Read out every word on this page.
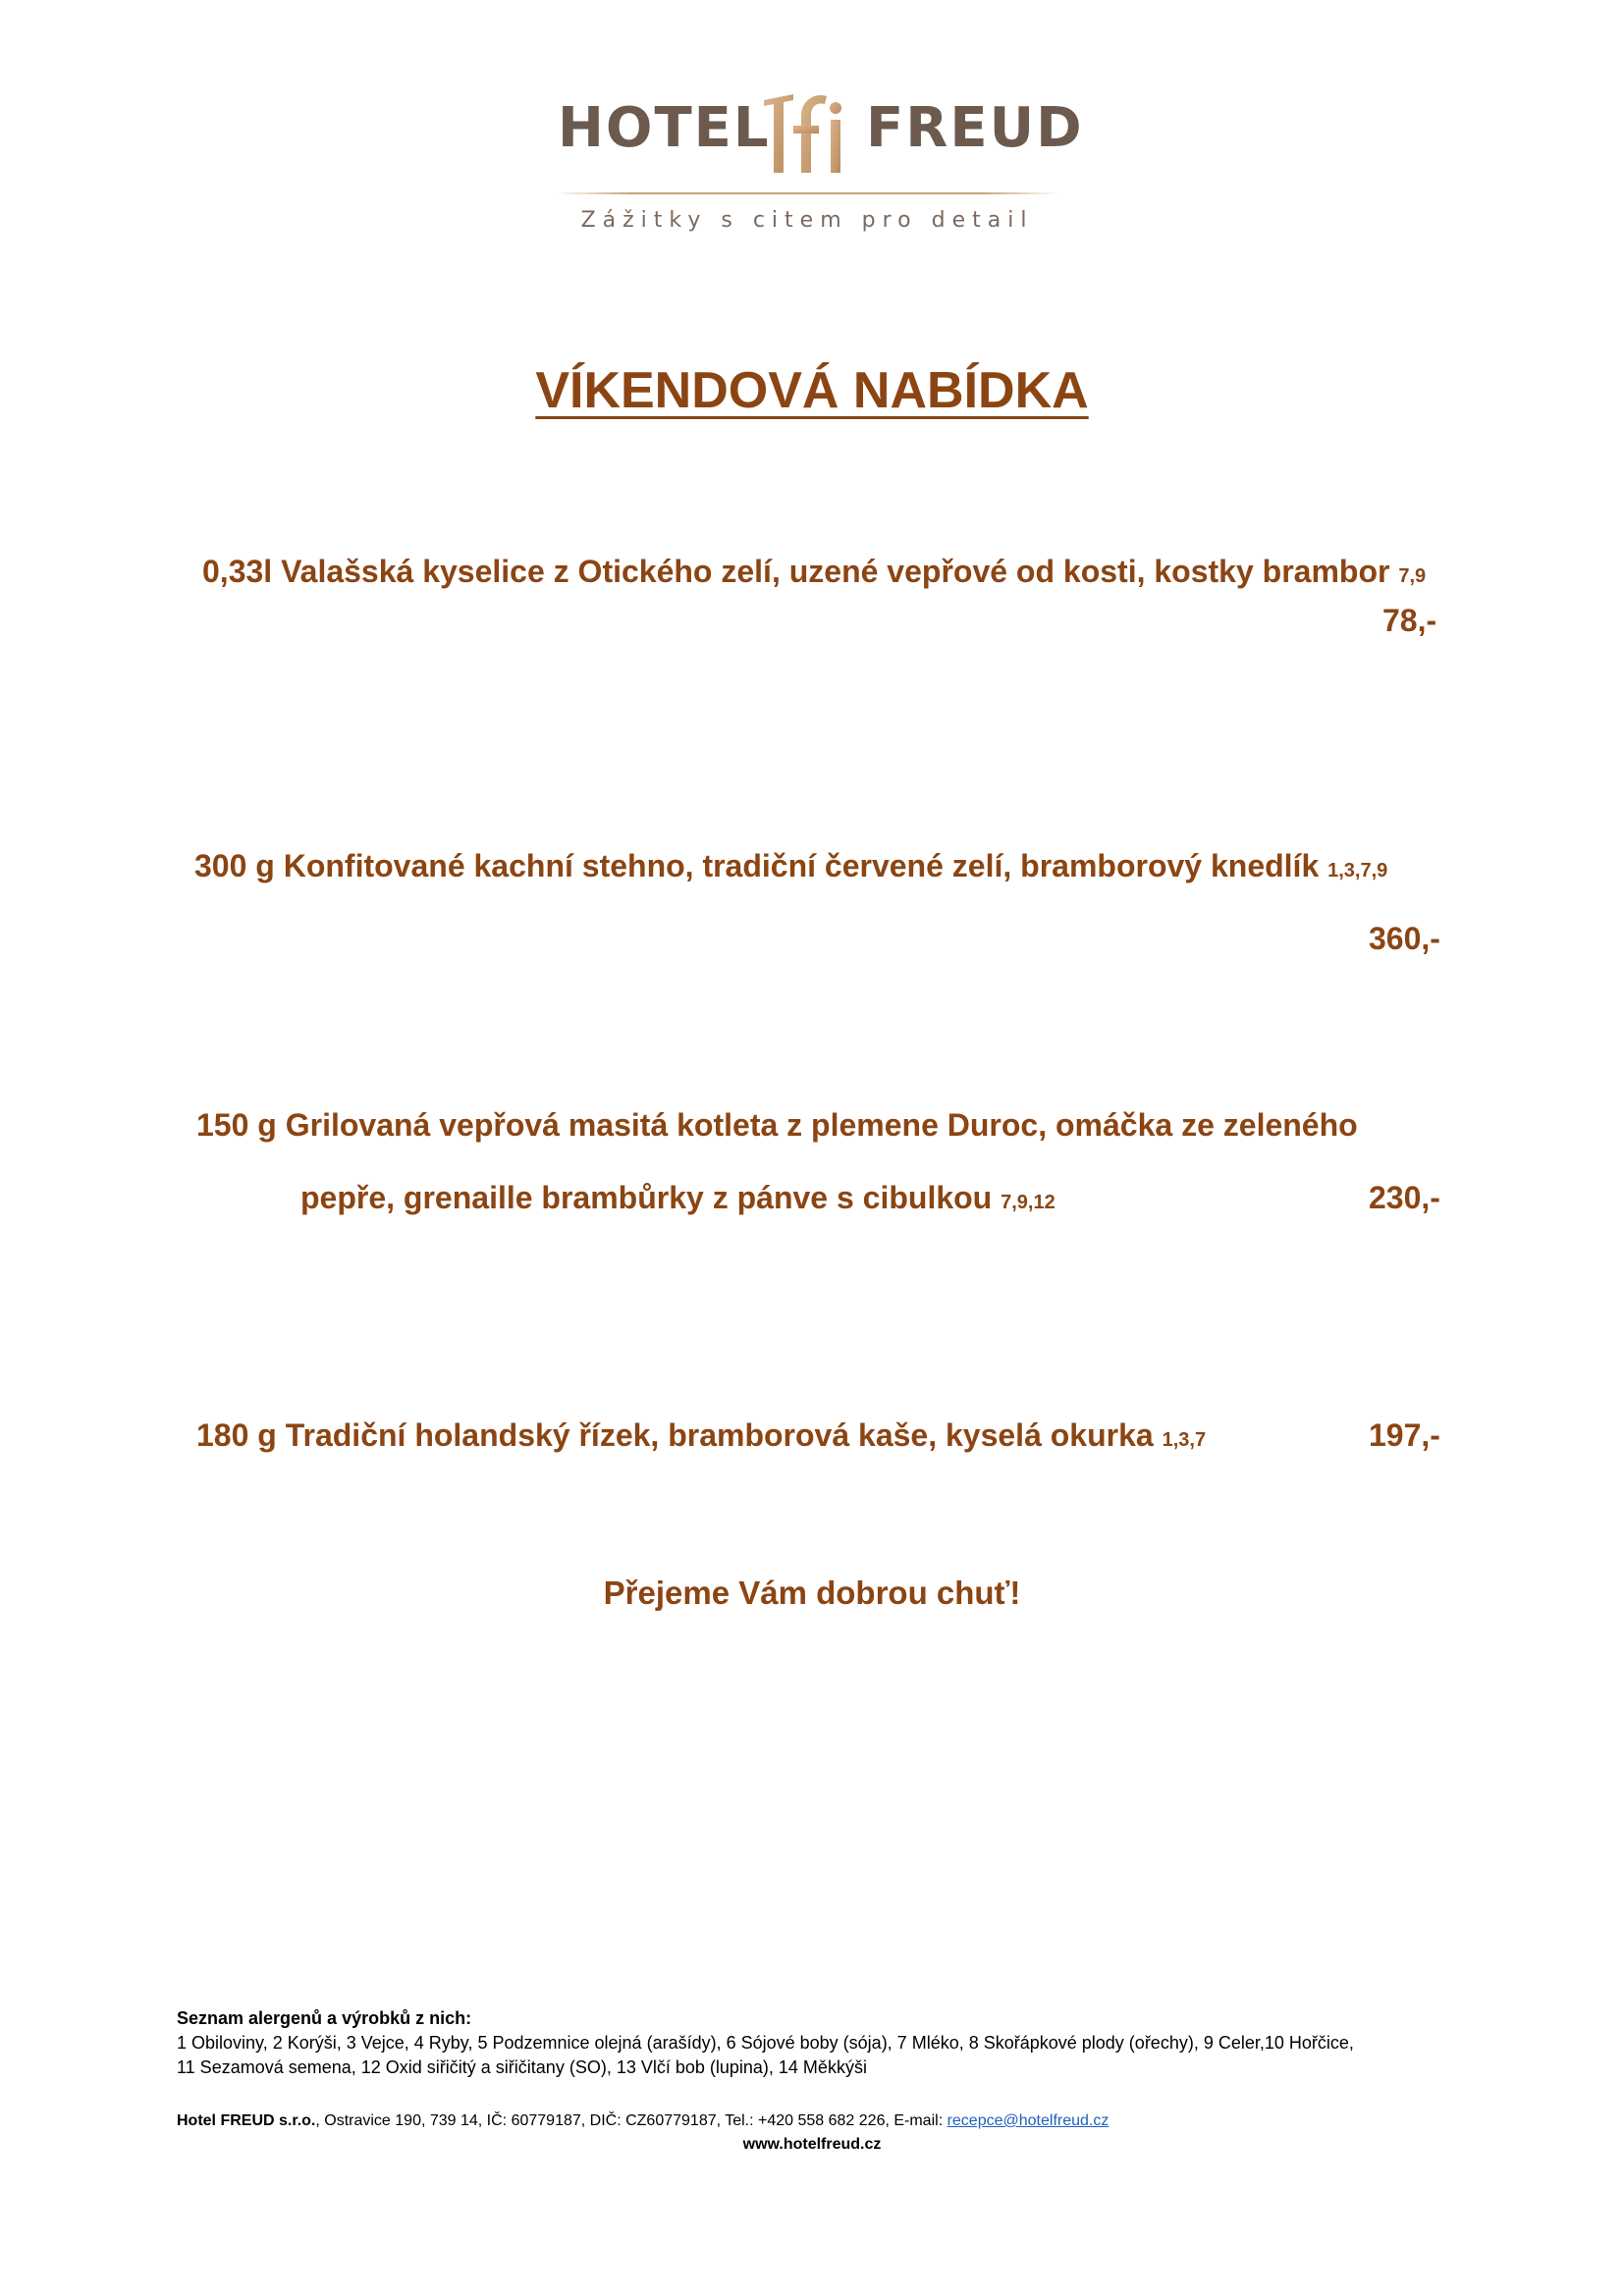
HOTEL FREUD
Zážitky s citem pro detail
VÍKENDOVÁ NABÍDKA
0,33l Valašská kyselice z Otického zelí, uzené vepřové od kosti, kostky brambor 7,9
78,-
300 g Konfitované kachní stehno, tradiční červené zelí, bramborový knedlík 1,3,7,9
360,-
150 g Grilovaná vepřová masitá kotleta z plemene Duroc, omáčka ze zeleného
pepře, grenaille brambůrky z pánve s cibulkou 7,9,12	230,-
180 g Tradiční holandský řízek, bramborová kaše, kyselá okurka 1,3,7	197,-
Přejeme Vám dobrou chuť!
Seznam alergenů a výrobků z nich:
1 Obiloviny, 2 Korýši, 3 Vejce, 4 Ryby, 5 Podzemnice olejná (arašídy), 6 Sójové boby (sója), 7 Mléko, 8 Skořápkové plody (ořechy), 9 Celer,10 Hořčice,
11 Sezamová semena, 12 Oxid siřičitý a siřičitany (SO), 13 Vlčí bob (lupina), 14 Měkkýši
Hotel FREUD s.r.o., Ostravice 190, 739 14, IČ: 60779187, DIČ: CZ60779187, Tel.: +420 558 682 226, E-mail: recepce@hotelfreud.cz
www.hotelfreud.cz
